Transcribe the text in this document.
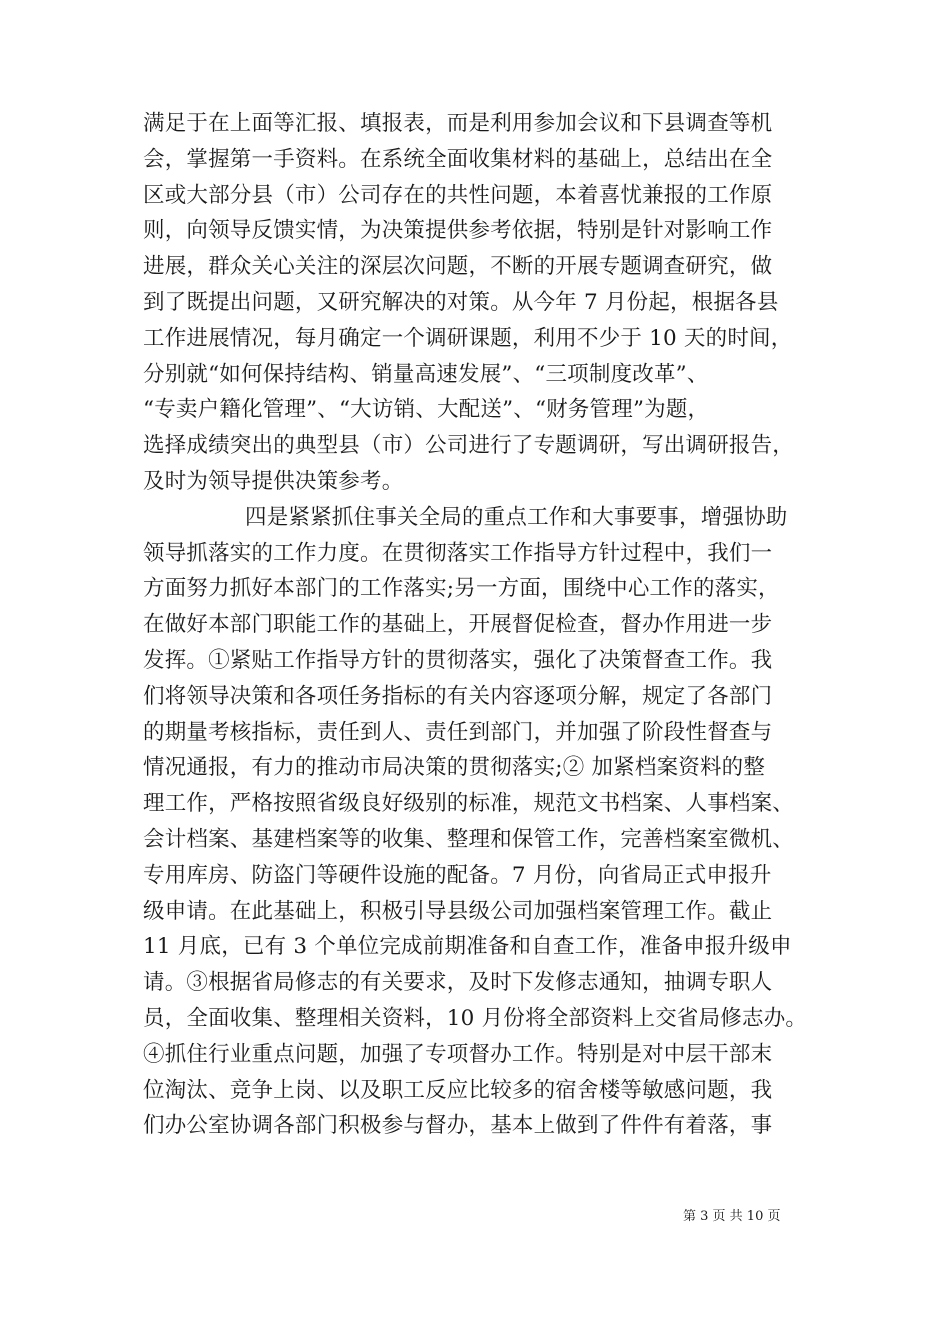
满足于在上面等汇报、填报表，而是利用参加会议和下县调查等机
会，掌握第一手资料。在系统全面收集材料的基础上，总结出在全
区或大部分县（市）公司存在的共性问题，本着喜忧兼报的工作原
则，向领导反馈实情，为决策提供参考依据，特别是针对影响工作
进展，群众关心关注的深层次问题，不断的开展专题调查研究，做
到了既提出问题，又研究解决的对策。从今年 7 月份起，根据各县
工作进展情况，每月确定一个调研课题，利用不少于 10 天的时间，
分别就“如何保持结构、销量高速发展”、“三项制度改革”、
“专卖户籍化管理”、“大访销、大配送”、“财务管理”为题，
选择成绩突出的典型县（市）公司进行了专题调研，写出调研报告，
及时为领导提供决策参考。
四是紧紧抓住事关全局的重点工作和大事要事，增强协助
领导抓落实的工作力度。在贯彻落实工作指导方针过程中，我们一
方面努力抓好本部门的工作落实;另一方面，围绕中心工作的落实，
在做好本部门职能工作的基础上，开展督促检查，督办作用进一步
发挥。①紧贴工作指导方针的贯彻落实，强化了决策督查工作。我
们将领导决策和各项任务指标的有关内容逐项分解，规定了各部门
的期量考核指标，责任到人、责任到部门，并加强了阶段性督查与
情况通报，有力的推动市局决策的贯彻落实;② 加紧档案资料的整
理工作，严格按照省级良好级别的标准，规范文书档案、人事档案、
会计档案、基建档案等的收集、整理和保管工作，完善档案室微机、
专用库房、防盗门等硬件设施的配备。7 月份，向省局正式申报升
级申请。在此基础上，积极引导县级公司加强档案管理工作。截止
11 月底，已有 3 个单位完成前期准备和自查工作，准备申报升级申
请。③根据省局修志的有关要求，及时下发修志通知，抽调专职人
员，全面收集、整理相关资料，10 月份将全部资料上交省局修志办。
④抓住行业重点问题，加强了专项督办工作。特别是对中层干部末
位淘汰、竞争上岗、以及职工反应比较多的宿舍楼等敏感问题，我
们办公室协调各部门积极参与督办，基本上做到了件件有着落，事
第 3 页 共 10 页
